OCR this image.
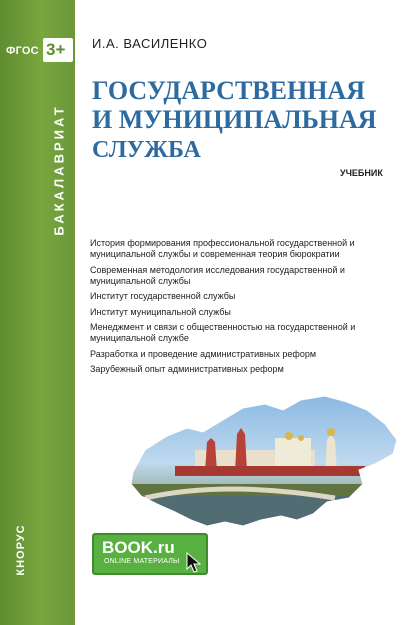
ФГОС 3+
БАКАЛАВРИАТ
КНОРУС
И.А. ВАСИЛЕНКО
ГОСУДАРСТВЕННАЯ
И МУНИЦИПАЛЬНАЯ
СЛУЖБА
УЧЕБНИК
История формирования профессиональной государственной и муниципальной службы и современная теория бюрократии
Современная методология исследования государственной и муниципальной службы
Институт государственной службы
Институт муниципальной службы
Менеджмент и связи с общественностью на государственной и муниципальной службе
Разработка и проведение административных реформ
Зарубежный опыт административных реформ
BOOK.ru
ONLINE МАТЕРИАЛЫ
